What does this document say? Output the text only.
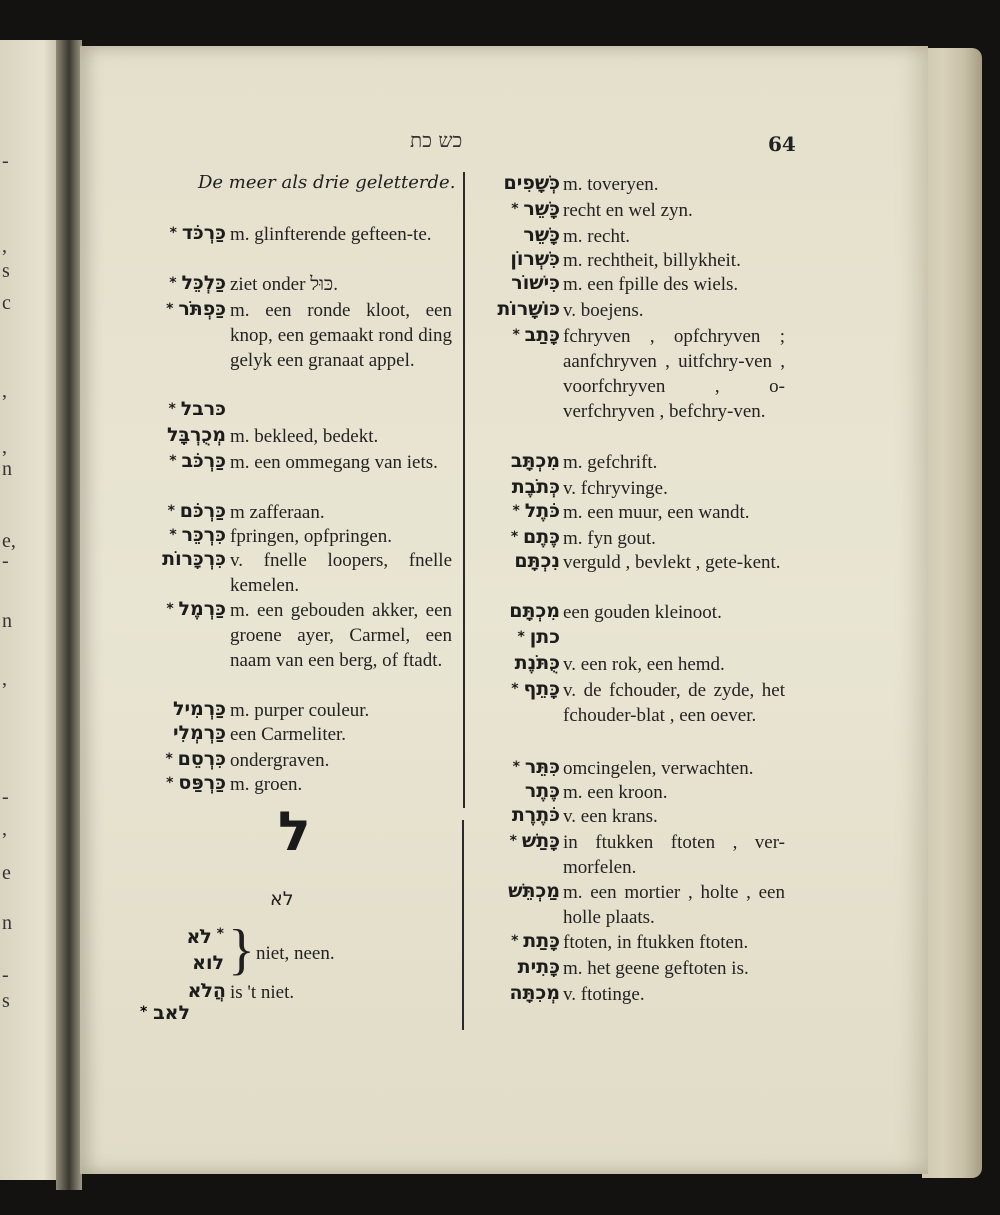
-
,
s
c
,
,
n
e,
-
n
,
-
,
e
n
-
s
כש כת	64
De meer als drie geletterde.
* כַּרְכֹּד m. glinfterende gefteen-te.
* כַּלְכֵּל ziet onder כּוּל.
* כַּפְתֹּר m. een ronde kloot, een knop, een gemaakt rond ding gelyk een granaat appel.
* כּרבל
מְכֻרְבָּל m. bekleed, bedekt.
* כַּרְכֹּב m. een ommegang van iets.
* כַּרְכֹּם m zafferaan.
* כִּרְכֵּר fpringen, opfpringen.
כִּרְכָּרוֹת v. fnelle loopers, fnelle kemelen.
* כַּרְמֶל m. een gebouden akker, een groene ayer, Carmel, een naam van een berg, of ftadt.
כַּרְמִיל m. purper couleur.
כַּרְמְלִי een Carmeliter.
* כִּרְסֵם ondergraven.
* כַּרְפַּס m. groen.
כְּשָׁפִים m. toveryen.
* כָּשֵׁר recht en wel zyn.
כָּשֵׁר m. recht.
כִּשְׁרוֹן m. rechtheit, billykheit.
כִּישׁוֹר m. een fpille des wiels.
כּוֹשָׁרוֹת v. boejens.
* כָּתַב fchryven , opfchryven ; aanfchryven , uitfchry-ven , voorfchryven , o-verfchryven , befchry-ven.
מִכְתָּב m. gefchrift.
כְּתֹבֶת v. fchryvinge.
* כֹּתֶל m. een muur, een wandt.
* כֶּתֶם m. fyn gout.
נִכְתָּם verguld , bevlekt , gete-kent.
מִכְתָּם een gouden kleinoot.
* כתן
כֻּתֹּנֶת v. een rok, een hemd.
* כָּתֵף v. de fchouder, de zyde, het fchouder-blat , een oever.
* כִּתֵּר omcingelen, verwachten.
כֶּתֶר m. een kroon.
כֹּתֶרֶת v. een krans.
* כָּתַשׁ in ftukken ftoten , ver-morfelen.
מַכְתֵּשׁ m. een mortier , holte , een holle plaats.
* כָּתַת ftoten, in ftukken ftoten.
כָּתִית m. het geene geftoten is.
מְכִתָּה v. ftotinge.
ל
לא
לֹא *
לוא } niet, neen.
הֲלֹא is 't niet.
לאב
*
